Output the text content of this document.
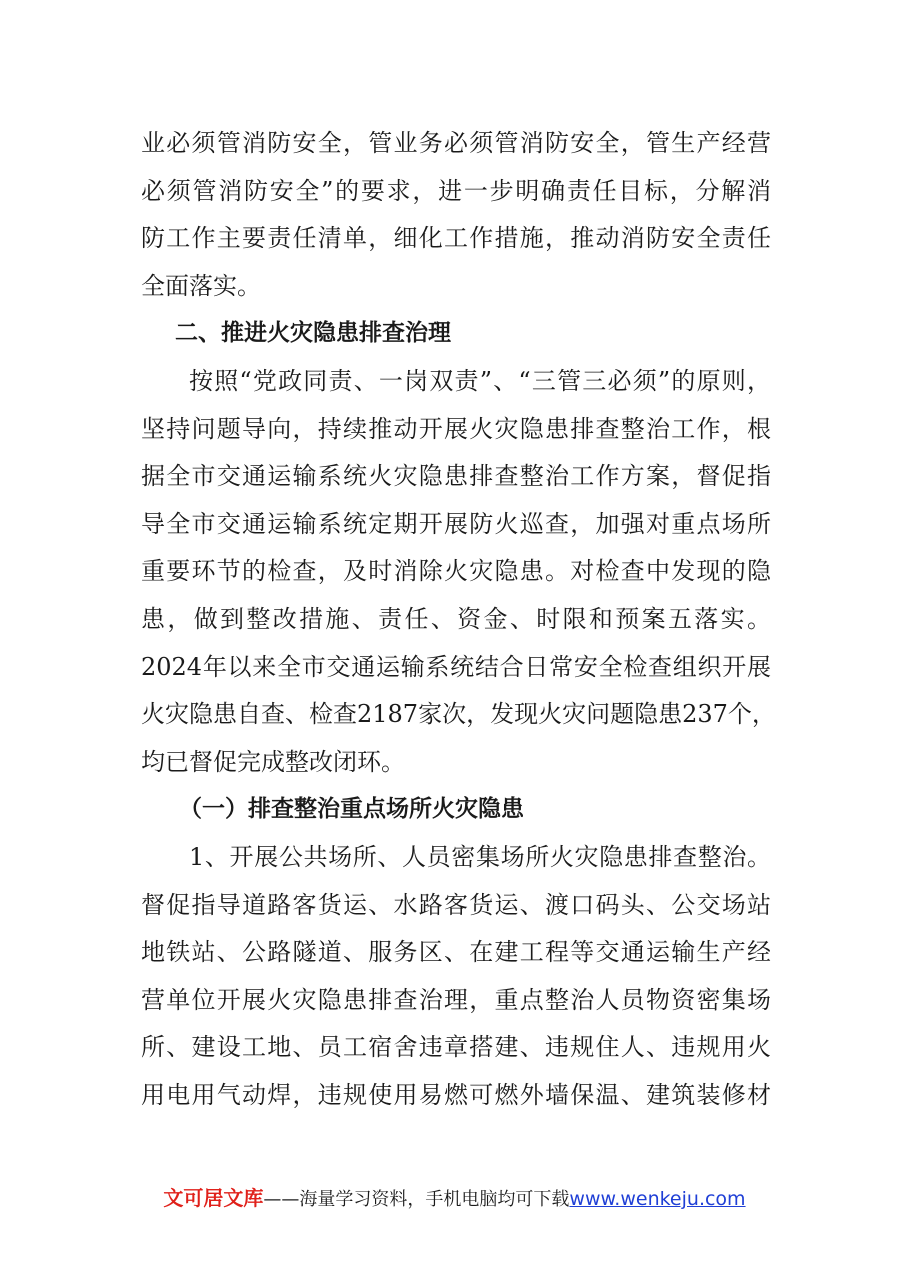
业必须管消防安全，管业务必须管消防安全，管生产经营
必须管消防安全”的要求，进一步明确责任目标，分解消
防工作主要责任清单，细化工作措施，推动消防安全责任
全面落实。
二、推进火灾隐患排查治理
按照“党政同责、一岗双责”、“三管三必须”的原则，
坚持问题导向，持续推动开展火灾隐患排查整治工作，根
据全市交通运输系统火灾隐患排查整治工作方案，督促指
导全市交通运输系统定期开展防火巡查，加强对重点场所
重要环节的检查，及时消除火灾隐患。对检查中发现的隐
患，做到整改措施、责任、资金、时限和预案五落实。
2024年以来全市交通运输系统结合日常安全检查组织开展
火灾隐患自查、检查2187家次，发现火灾问题隐患237个，
均已督促完成整改闭环。
（一）排查整治重点场所火灾隐患
1、开展公共场所、人员密集场所火灾隐患排查整治。
督促指导道路客货运、水路客货运、渡口码头、公交场站
地铁站、公路隧道、服务区、在建工程等交通运输生产经
营单位开展火灾隐患排查治理，重点整治人员物资密集场
所、建设工地、员工宿舍违章搭建、违规住人、违规用火
用电用气动焊，违规使用易燃可燃外墙保温、建筑装修材
文可居文库——海量学习资料，手机电脑均可下载www.wenkeju.com
